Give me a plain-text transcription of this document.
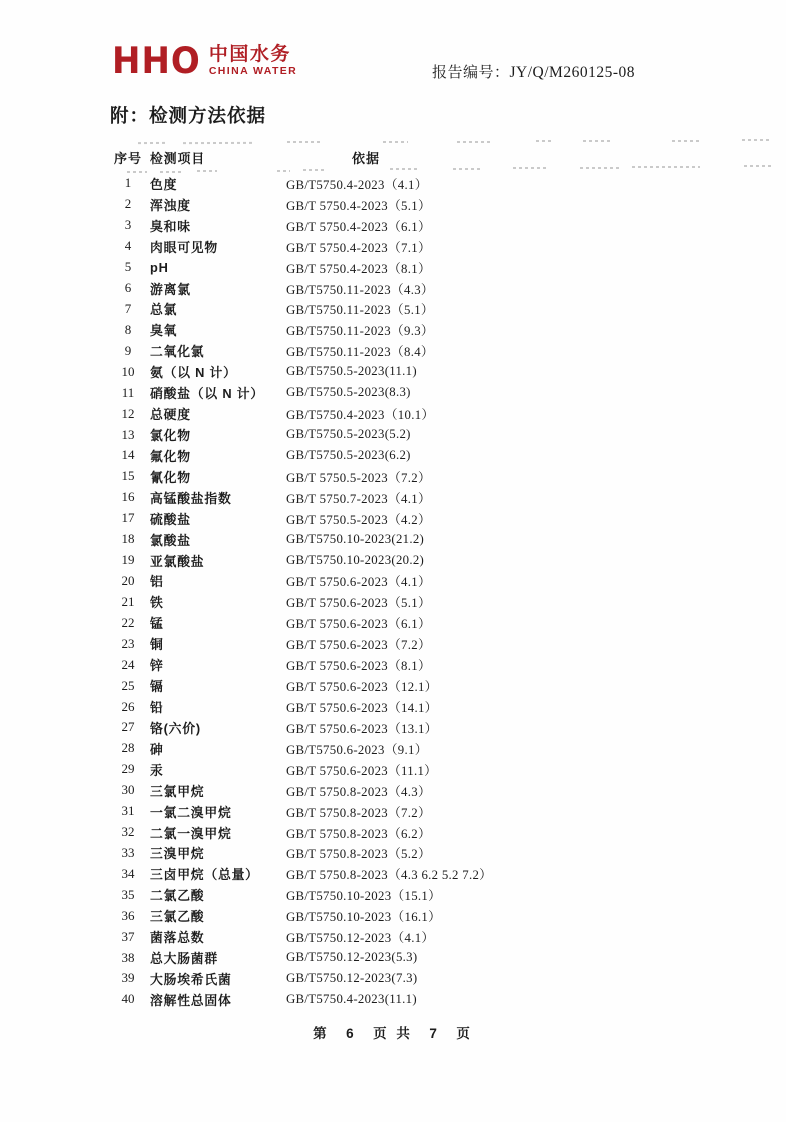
HHO 中国水务
CHINA WATER	报告编号：JY/Q/M260125-08
附：检测方法依据
序号 检测项目	依据
1	色度	GB/T5750.4-2023（4.1）
2	浑浊度	GB/T 5750.4-2023（5.1）
3	臭和味	GB/T 5750.4-2023（6.1）
4	肉眼可见物	GB/T 5750.4-2023（7.1）
5	pH	GB/T 5750.4-2023（8.1）
6	游离氯	GB/T5750.11-2023（4.3）
7	总氯	GB/T5750.11-2023（5.1）
8	臭氧	GB/T5750.11-2023（9.3）
9	二氧化氯	GB/T5750.11-2023（8.4）
10	氨（以 N 计）	GB/T5750.5-2023(11.1)
11	硝酸盐（以 N 计）	GB/T5750.5-2023(8.3)
12	总硬度	GB/T5750.4-2023（10.1）
13	氯化物	GB/T5750.5-2023(5.2)
14	氟化物	GB/T5750.5-2023(6.2)
15	氰化物	GB/T 5750.5-2023（7.2）
16	高锰酸盐指数	GB/T 5750.7-2023（4.1）
17	硫酸盐	GB/T 5750.5-2023（4.2）
18	氯酸盐	GB/T5750.10-2023(21.2)
19	亚氯酸盐	GB/T5750.10-2023(20.2)
20	铝	GB/T 5750.6-2023（4.1）
21	铁	GB/T 5750.6-2023（5.1）
22	锰	GB/T 5750.6-2023（6.1）
23	铜	GB/T 5750.6-2023（7.2）
24	锌	GB/T 5750.6-2023（8.1）
25	镉	GB/T 5750.6-2023（12.1）
26	铅	GB/T 5750.6-2023（14.1）
27	铬(六价)	GB/T 5750.6-2023（13.1）
28	砷	GB/T5750.6-2023（9.1）
29	汞	GB/T 5750.6-2023（11.1）
30	三氯甲烷	GB/T 5750.8-2023（4.3）
31	一氯二溴甲烷	GB/T 5750.8-2023（7.2）
32	二氯一溴甲烷	GB/T 5750.8-2023（6.2）
33	三溴甲烷	GB/T 5750.8-2023（5.2）
34	三卤甲烷（总量）	GB/T 5750.8-2023（4.3 6.2 5.2 7.2）
35	二氯乙酸	GB/T5750.10-2023（15.1）
36	三氯乙酸	GB/T5750.10-2023（16.1）
37	菌落总数	GB/T5750.12-2023（4.1）
38	总大肠菌群	GB/T5750.12-2023(5.3)
39	大肠埃希氏菌	GB/T5750.12-2023(7.3)
40	溶解性总固体	GB/T5750.4-2023(11.1)
第　6　页 共　7　页
